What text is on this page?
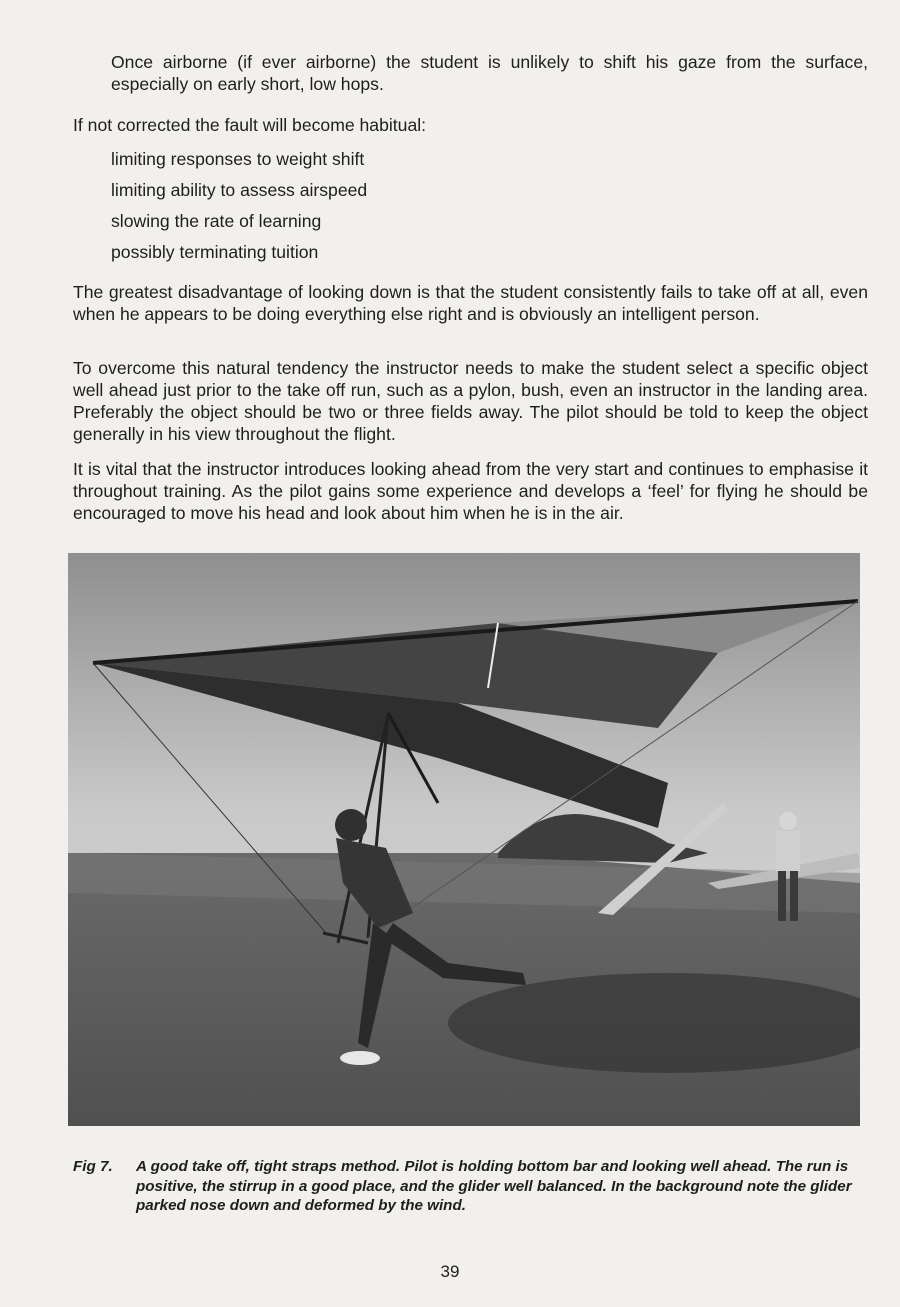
Once airborne (if ever airborne) the student is unlikely to shift his gaze from the surface, especially on early short, low hops.

If not corrected the fault will become habitual:
limiting responses to weight shift
limiting ability to assess airspeed
slowing the rate of learning
possibly terminating tuition

The greatest disadvantage of looking down is that the student consistently fails to take off at all, even when he appears to be doing everything else right and is obviously an intelligent person.

To overcome this natural tendency the instructor needs to make the student select a specific object well ahead just prior to the take off run, such as a pylon, bush, even an instructor in the landing area. Preferably the object should be two or three fields away. The pilot should be told to keep the object generally in his view throughout the flight.

It is vital that the instructor introduces looking ahead from the very start and continues to emphasise it throughout training. As the pilot gains some experience and develops a ‘feel’ for flying he should be encouraged to move his head and look about him when he is in the air.

Fig 7. A good take off, tight straps method. Pilot is holding bottom bar and looking well ahead. The run is positive, the stirrup in a good place, and the glider well balanced. In the background note the glider parked nose down and deformed by the wind.
39
